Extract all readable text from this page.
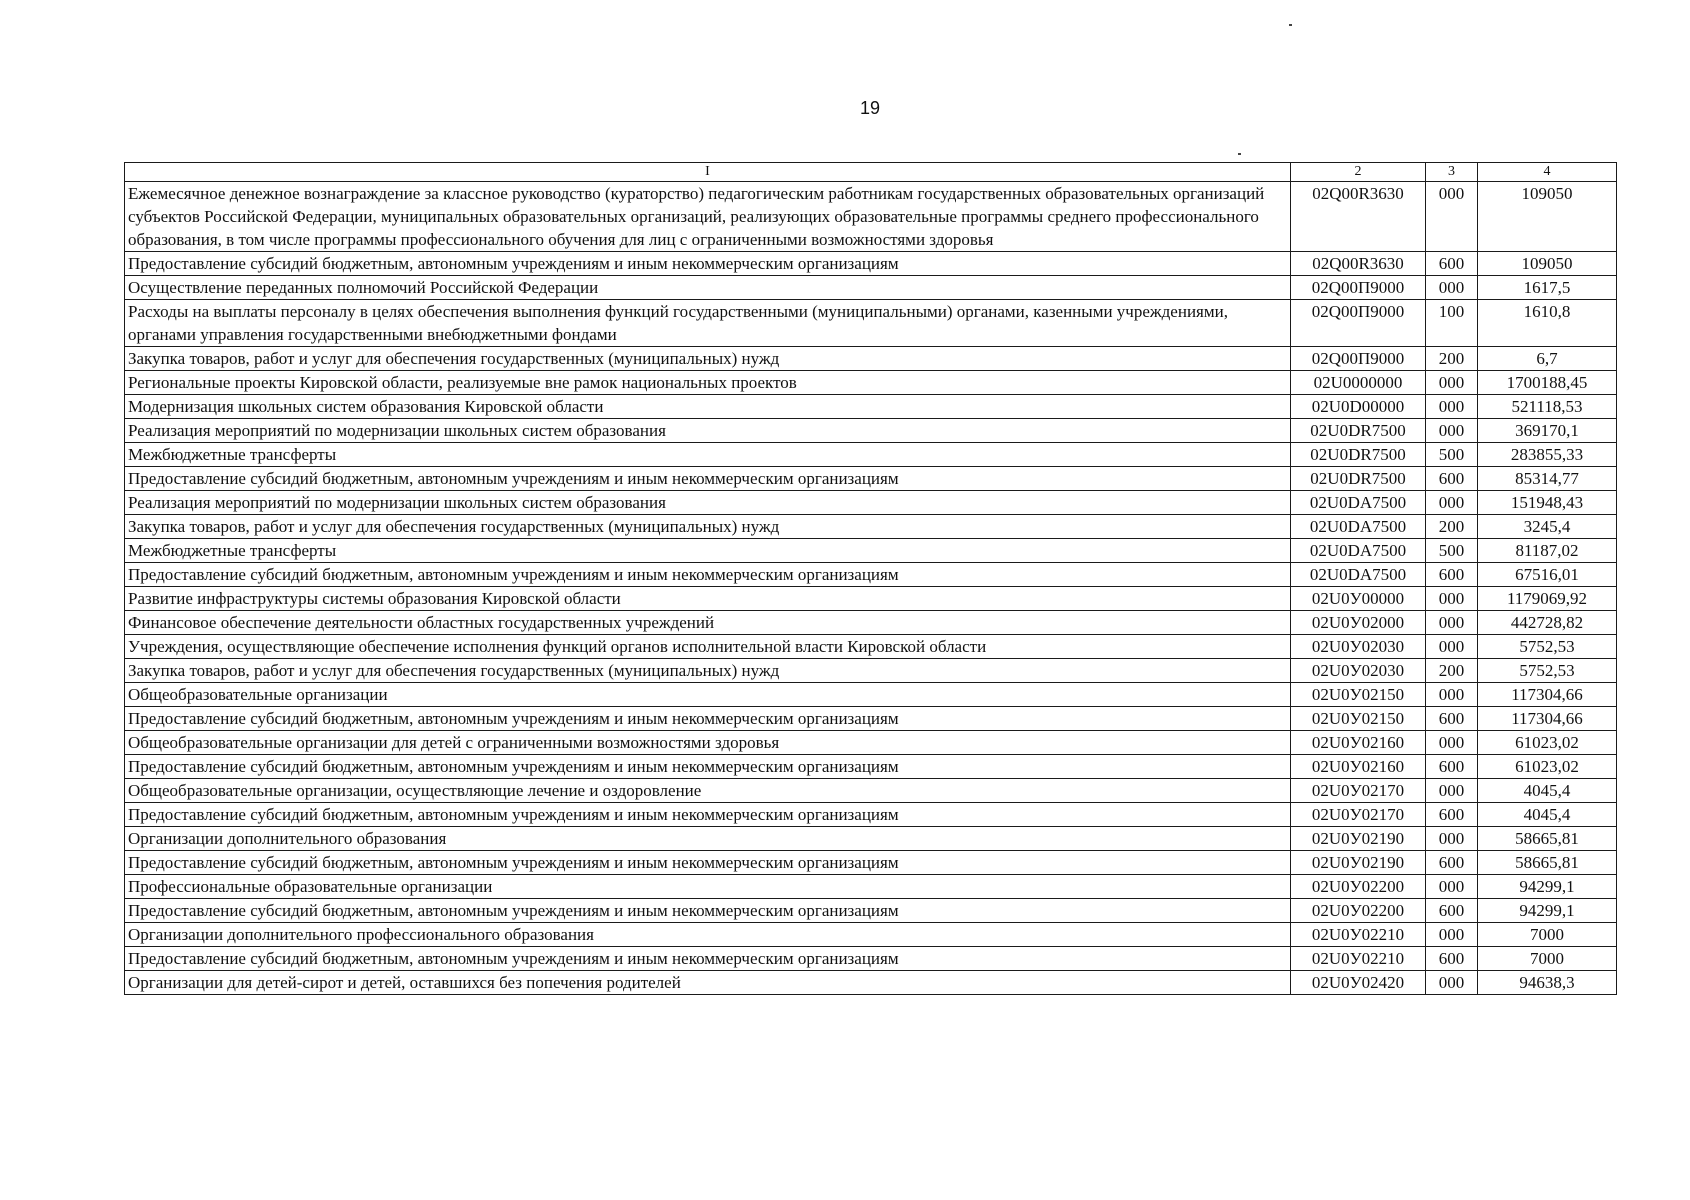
19
I	2	3	4
Ежемесячное денежное вознаграждение за классное руководство (кураторство) педагогическим работникам государственных образовательных организаций субъектов Российской Федерации, муниципальных образовательных организаций, реализующих образовательные программы среднего профессионального образования, в том числе программы профессионального обучения для лиц с ограниченными возможностями здоровья	02Q00R3630	000	109050
Предоставление субсидий бюджетным, автономным учреждениям и иным некоммерческим организациям	02Q00R3630	600	109050
Осуществление переданных полномочий Российской Федерации	02Q00П9000	000	1617,5
Расходы на выплаты персоналу в целях обеспечения выполнения функций государственными (муниципальными) органами, казенными учреждениями, органами управления государственными внебюджетными фондами	02Q00П9000	100	1610,8
Закупка товаров, работ и услуг для обеспечения государственных (муниципальных) нужд	02Q00П9000	200	6,7
Региональные проекты Кировской области, реализуемые вне рамок национальных проектов	02U0000000	000	1700188,45
Модернизация школьных систем образования Кировской области	02U0D00000	000	521118,53
Реализация мероприятий по модернизации школьных систем образования	02U0DR7500	000	369170,1
Межбюджетные трансферты	02U0DR7500	500	283855,33
Предоставление субсидий бюджетным, автономным учреждениям и иным некоммерческим организациям	02U0DR7500	600	85314,77
Реализация мероприятий по модернизации школьных систем образования	02U0DA7500	000	151948,43
Закупка товаров, работ и услуг для обеспечения государственных (муниципальных) нужд	02U0DA7500	200	3245,4
Межбюджетные трансферты	02U0DA7500	500	81187,02
Предоставление субсидий бюджетным, автономным учреждениям и иным некоммерческим организациям	02U0DA7500	600	67516,01
Развитие инфраструктуры системы образования Кировской области	02U0У00000	000	1179069,92
Финансовое обеспечение деятельности областных государственных учреждений	02U0У02000	000	442728,82
Учреждения, осуществляющие обеспечение исполнения функций органов исполнительной власти Кировской области	02U0У02030	000	5752,53
Закупка товаров, работ и услуг для обеспечения государственных (муниципальных) нужд	02U0У02030	200	5752,53
Общеобразовательные организации	02U0У02150	000	117304,66
Предоставление субсидий бюджетным, автономным учреждениям и иным некоммерческим организациям	02U0У02150	600	117304,66
Общеобразовательные организации для детей с ограниченными возможностями здоровья	02U0У02160	000	61023,02
Предоставление субсидий бюджетным, автономным учреждениям и иным некоммерческим организациям	02U0У02160	600	61023,02
Общеобразовательные организации, осуществляющие лечение и оздоровление	02U0У02170	000	4045,4
Предоставление субсидий бюджетным, автономным учреждениям и иным некоммерческим организациям	02U0У02170	600	4045,4
Организации дополнительного образования	02U0У02190	000	58665,81
Предоставление субсидий бюджетным, автономным учреждениям и иным некоммерческим организациям	02U0У02190	600	58665,81
Профессиональные образовательные организации	02U0У02200	000	94299,1
Предоставление субсидий бюджетным, автономным учреждениям и иным некоммерческим организациям	02U0У02200	600	94299,1
Организации дополнительного профессионального образования	02U0У02210	000	7000
Предоставление субсидий бюджетным, автономным учреждениям и иным некоммерческим организациям	02U0У02210	600	7000
Организации для детей-сирот и детей, оставшихся без попечения родителей	02U0У02420	000	94638,3
